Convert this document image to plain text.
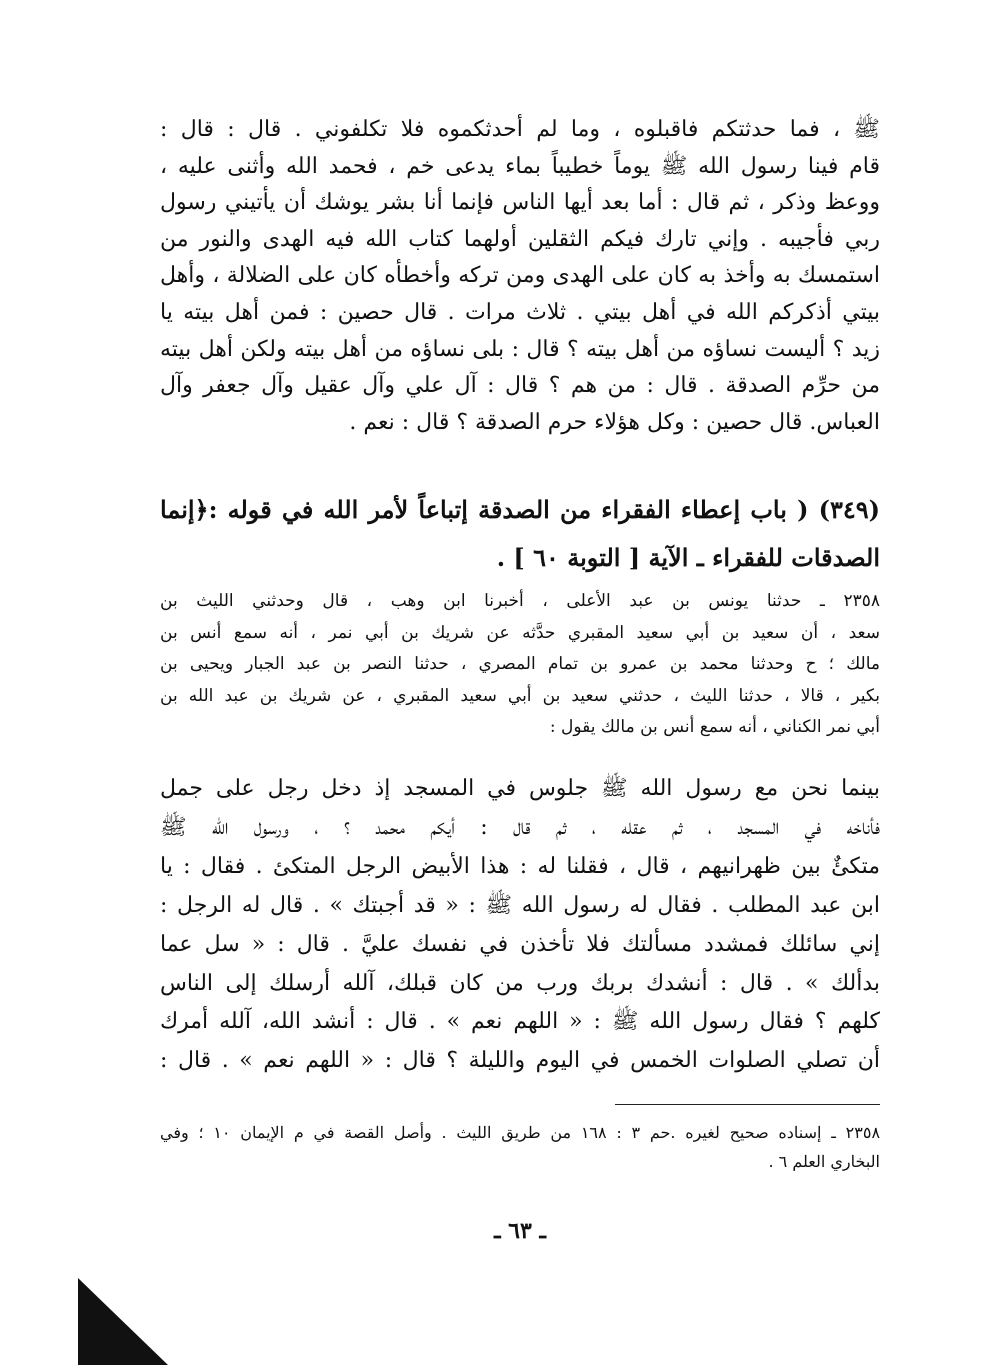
ﷺ ، فما حدثتكم فاقبلوه ، وما لم أحدثكموه فلا تكلفوني . قال : قال :
قام فينا رسول الله ﷺ يوماً خطيباً بماء يدعى خم ، فحمد الله وأثنى عليه ،
ووعظ وذكر ، ثم قال : أما بعد أيها الناس فإنما أنا بشر يوشك أن يأتيني رسول
ربي فأجيبه . وإني تارك فيكم الثقلين أولهما كتاب الله فيه الهدى والنور من
استمسك به وأخذ به كان على الهدى ومن تركه وأخطأه كان على الضلالة ، وأهل
بيتي أذكركم الله في أهل بيتي . ثلاث مرات . قال حصين : فمن أهل بيته يا
زيد ؟ أليست نساؤه من أهل بيته ؟ قال : بلى نساؤه من أهل بيته ولكن أهل بيته
من حرِّم الصدقة . قال : من هم ؟ قال : آل علي وآل عقيل وآل جعفر وآل
العباس. قال حصين : وكل هؤلاء حرم الصدقة ؟ قال : نعم .
(٣٤٩) ( باب إعطاء الفقراء من الصدقة إتباعاً لأمر الله في قوله :﴿إنما
الصدقات للفقراء ـ الآية [ التوبة ٦٠ ] .
٢٣٥٨ ـ حدثنا يونس بن عبد الأعلى ، أخبرنا ابن وهب ، قال وحدثني الليث بن
سعد ، أن سعيد بن أبي سعيد المقبري حدَّثه عن شريك بن أبي نمر ، أنه سمع أنس بن
مالك ؛ ح وحدثنا محمد بن عمرو بن تمام المصري ، حدثنا النصر بن عبد الجبار ويحيى بن
بكير ، قالا ، حدثنا الليث ، حدثني سعيد بن أبي سعيد المقبري ، عن شريك بن عبد الله بن
أبي نمر الكناني ، أنه سمع أنس بن مالك يقول :
بينما نحن مع رسول الله ﷺ جلوس في المسجد إذ دخل رجل على جمل
فأناخه في المسجد ، ثم عقله ، ثم قال : أيكم محمد ؟ ، ورسول الله ﷺ
متكئٌ بين ظهرانيهم ، قال ، فقلنا له : هذا الأبيض الرجل المتكئ . فقال : يا
ابن عبد المطلب . فقال له رسول الله ﷺ : « قد أجبتك » . قال له الرجل :
إني سائلك فمشدد مسألتك فلا تأخذن في نفسك عليَّ . قال : « سل عما
بدألك » . قال : أنشدك بربك ورب من كان قبلك، آلله أرسلك إلى الناس
كلهم ؟ فقال رسول الله ﷺ : « اللهم نعم » . قال : أنشد الله، آلله أمرك
أن تصلي الصلوات الخمس في اليوم والليلة ؟ قال : « اللهم نعم » . قال :
٢٣٥٨ ـ إسناده صحيح لغيره .حم ٣ : ١٦٨ من طريق الليث . وأصل القصة في م الإيمان ١٠ ؛ وفي
البخاري العلم ٦ .
ـ ٦٣ ـ
